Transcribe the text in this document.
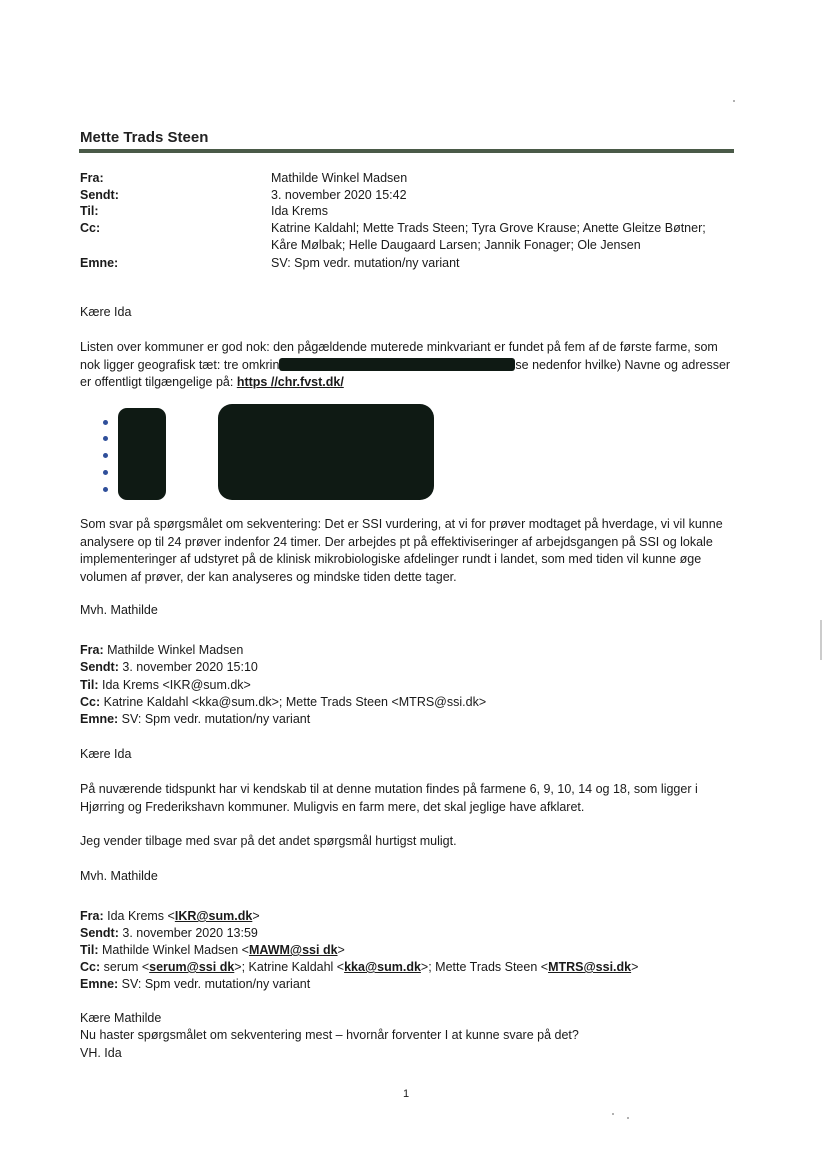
Mette Trads Steen
Fra:	Mathilde Winkel Madsen
Sendt:	3. november 2020 15:42
Til:	Ida Krems
Cc:	Katrine Kaldahl; Mette Trads Steen; Tyra Grove Krause; Anette Gleitze Bøtner; Kåre Mølbak; Helle Daugaard Larsen; Jannik Fonager; Ole Jensen
Emne:	SV: Spm vedr. mutation/ny variant
Kære Ida
Listen over kommuner er god nok: den pågældende muterede minkvariant er fundet på fem af de første farme, som nok ligger geografisk tæt: tre omkrin	se nedenfor hvilke) Navne og adresser er offentligt tilgængelige på: https //chr.fvst.dk/
Som svar på spørgsmålet om sekventering: Det er SSI vurdering, at vi for prøver modtaget på hverdage, vi vil kunne analysere op til 24 prøver indenfor 24 timer. Der arbejdes pt på effektiviseringer af arbejdsgangen på SSI og lokale implementeringer af udstyret på de klinisk mikrobiologiske afdelinger rundt i landet, som med tiden vil kunne øge volumen af prøver, der kan analyseres og mindske tiden dette tager.
Mvh. Mathilde
Fra: Mathilde Winkel Madsen
Sendt: 3. november 2020 15:10
Til: Ida Krems <IKR@sum.dk>
Cc: Katrine Kaldahl <kka@sum.dk>; Mette Trads Steen <MTRS@ssi.dk>
Emne: SV: Spm vedr. mutation/ny variant
Kære Ida
På nuværende tidspunkt har vi kendskab til at denne mutation findes på farmene 6, 9, 10, 14 og 18, som ligger i Hjørring og Frederikshavn kommuner. Muligvis en farm mere, det skal jeglige have afklaret.
Jeg vender tilbage med svar på det andet spørgsmål hurtigst muligt.
Mvh. Mathilde
Fra: Ida Krems <IKR@sum.dk>
Sendt: 3. november 2020 13:59
Til: Mathilde Winkel Madsen <MAWM@ssi dk>
Cc: serum <serum@ssi dk>; Katrine Kaldahl <kka@sum.dk>; Mette Trads Steen <MTRS@ssi.dk>
Emne: SV: Spm vedr. mutation/ny variant
Kære Mathilde
Nu haster spørgsmålet om sekventering mest – hvornår forventer I at kunne svare på det?
VH. Ida
1
